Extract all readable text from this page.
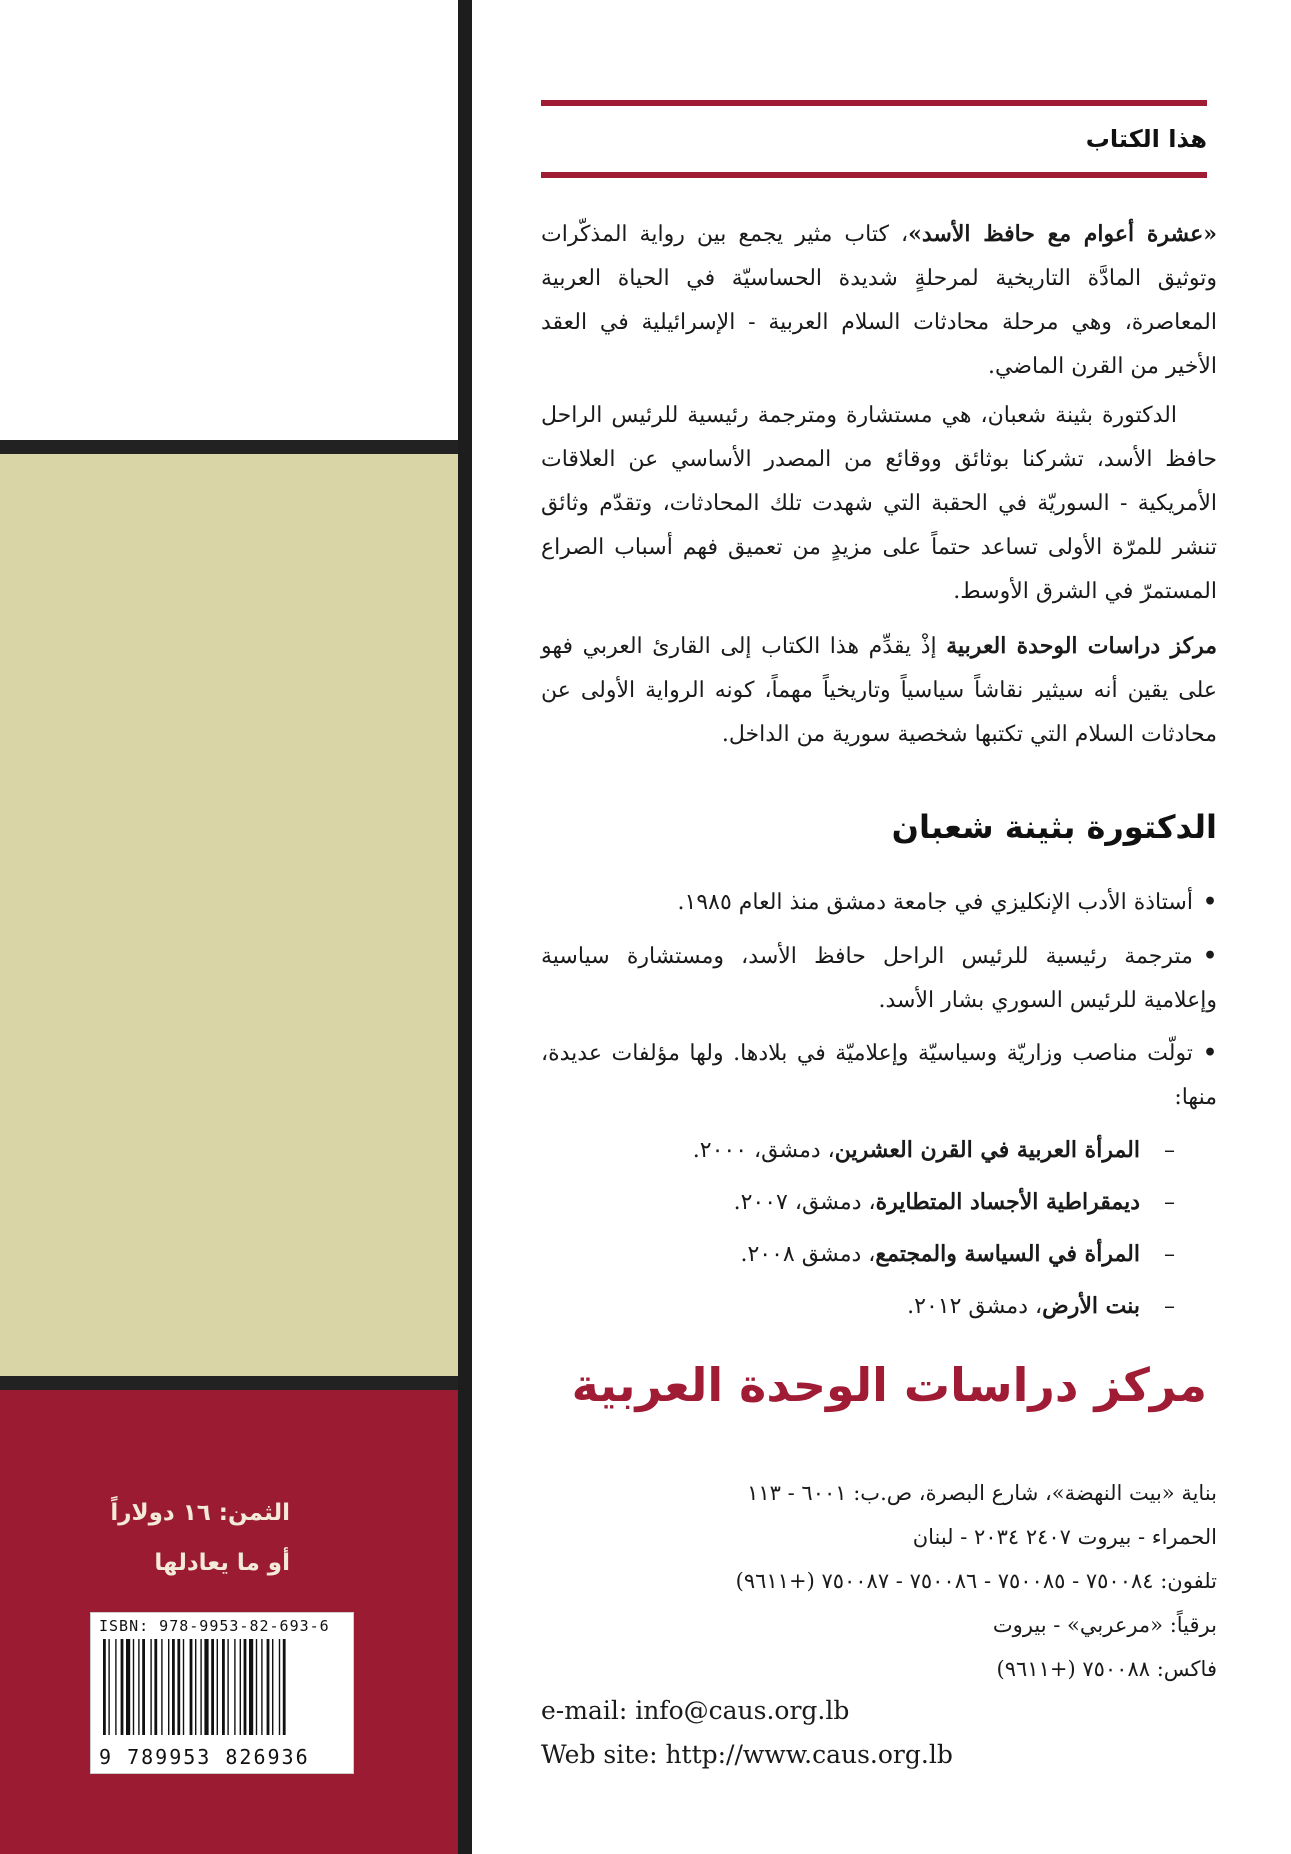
الثمن: ١٦ دولاراً
أو ما يعادلها
ISBN: 978-9953-82-693-6
9 789953 826936
هذا الكتاب

«عشرة أعوام مع حافظ الأسد»، كتاب مثير يجمع بين رواية المذكّرات وتوثيق المادَّة التاريخية لمرحلةٍ شديدة الحساسيّة في الحياة العربية المعاصرة، وهي مرحلة محادثات السلام العربية - الإسرائيلية في العقد الأخير من القرن الماضي.

الدكتورة بثينة شعبان، هي مستشارة ومترجمة رئيسية للرئيس الراحل حافظ الأسد، تشركنا بوثائق ووقائع من المصدر الأساسي عن العلاقات الأمريكية - السوريّة في الحقبة التي شهدت تلك المحادثات، وتقدّم وثائق تنشر للمرّة الأولى تساعد حتماً على مزيدٍ من تعميق فهم أسباب الصراع المستمرّ في الشرق الأوسط.

مركز دراسات الوحدة العربية إذْ يقدِّم هذا الكتاب إلى القارئ العربي فهو على يقين أنه سيثير نقاشاً سياسياً وتاريخياً مهماً، كونه الرواية الأولى عن محادثات السلام التي تكتبها شخصية سورية من الداخل.

الدكتورة بثينة شعبان

•أستاذة الأدب الإنكليزي في جامعة دمشق منذ العام ١٩٨٥.

•مترجمة رئيسية للرئيس الراحل حافظ الأسد، ومستشارة سياسية وإعلامية للرئيس السوري بشار الأسد.

•تولّت مناصب وزاريّة وسياسيّة وإعلاميّة في بلادها. ولها مؤلفات عديدة، منها:

–المرأة العربية في القرن العشرين، دمشق، ٢٠٠٠.
–ديمقراطية الأجساد المتطايرة، دمشق، ٢٠٠٧.
–المرأة في السياسة والمجتمع، دمشق ٢٠٠٨.
–بنت الأرض، دمشق ٢٠١٢.
مركز دراسات الوحدة العربية
بناية «بيت النهضة»، شارع البصرة، ص.ب: ٦٠٠١ - ١١٣
الحمراء - بيروت ٢٤٠٧ ٢٠٣٤ - لبنان
تلفون: ٧٥٠٠٨٤ - ٧٥٠٠٨٥ - ٧٥٠٠٨٦ - ٧٥٠٠٨٧ (+٩٦١١)
برقياً: «مرعربي» - بيروت
فاكس: ٧٥٠٠٨٨ (+٩٦١١)
e-mail: info@caus.org.lb
Web site: http://www.caus.org.lb
